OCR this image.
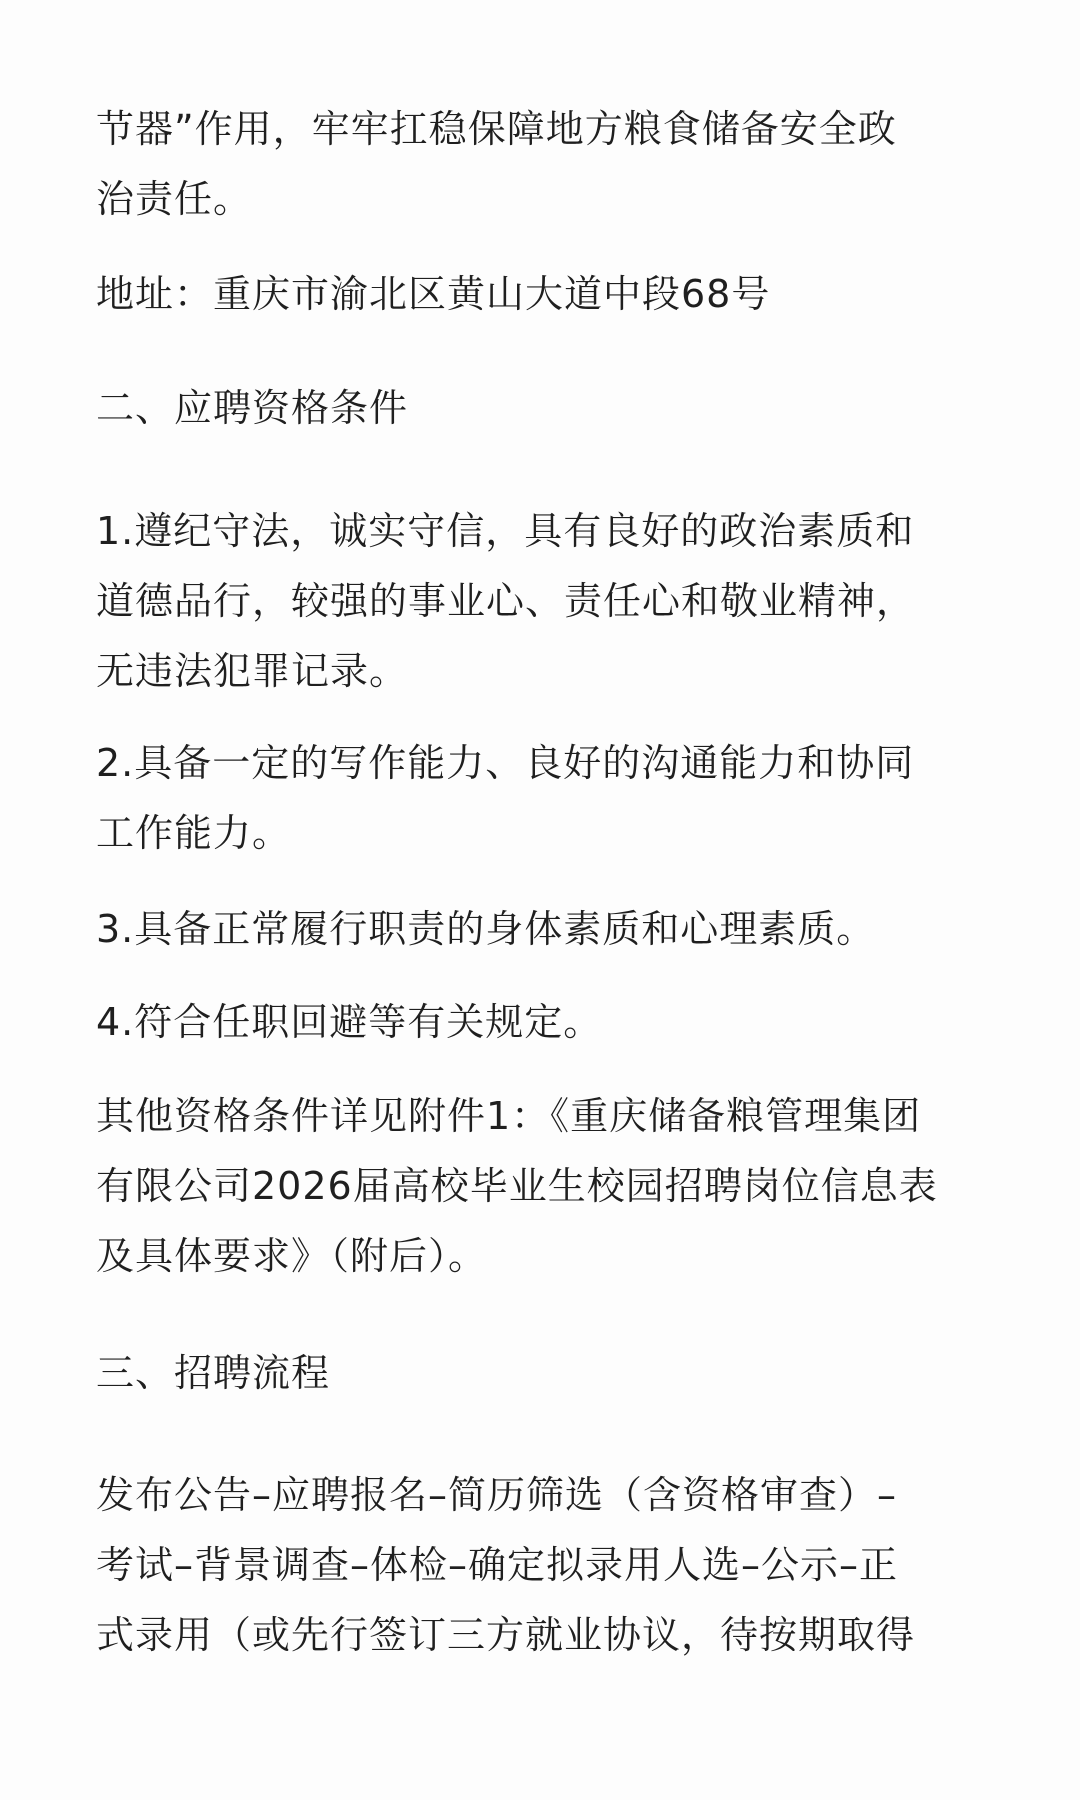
节器”作用，牢牢扛稳保障地方粮食储备安全政
治责任。
地址：重庆市渝北区黄山大道中段68号
二、应聘资格条件
1.遵纪守法，诚实守信，具有良好的政治素质和
道德品行，较强的事业心、责任心和敬业精神，
无违法犯罪记录。
2.具备一定的写作能力、良好的沟通能力和协同
工作能力。
3.具备正常履行职责的身体素质和心理素质。
4.符合任职回避等有关规定。
其他资格条件详见附件1：《重庆储备粮管理集团
有限公司2026届高校毕业生校园招聘岗位信息表
及具体要求》（附后）。
三、招聘流程
发布公告–应聘报名–简历筛选（含资格审查）–
考试–背景调查–体检–确定拟录用人选–公示–正
式录用（或先行签订三方就业协议，待按期取得
